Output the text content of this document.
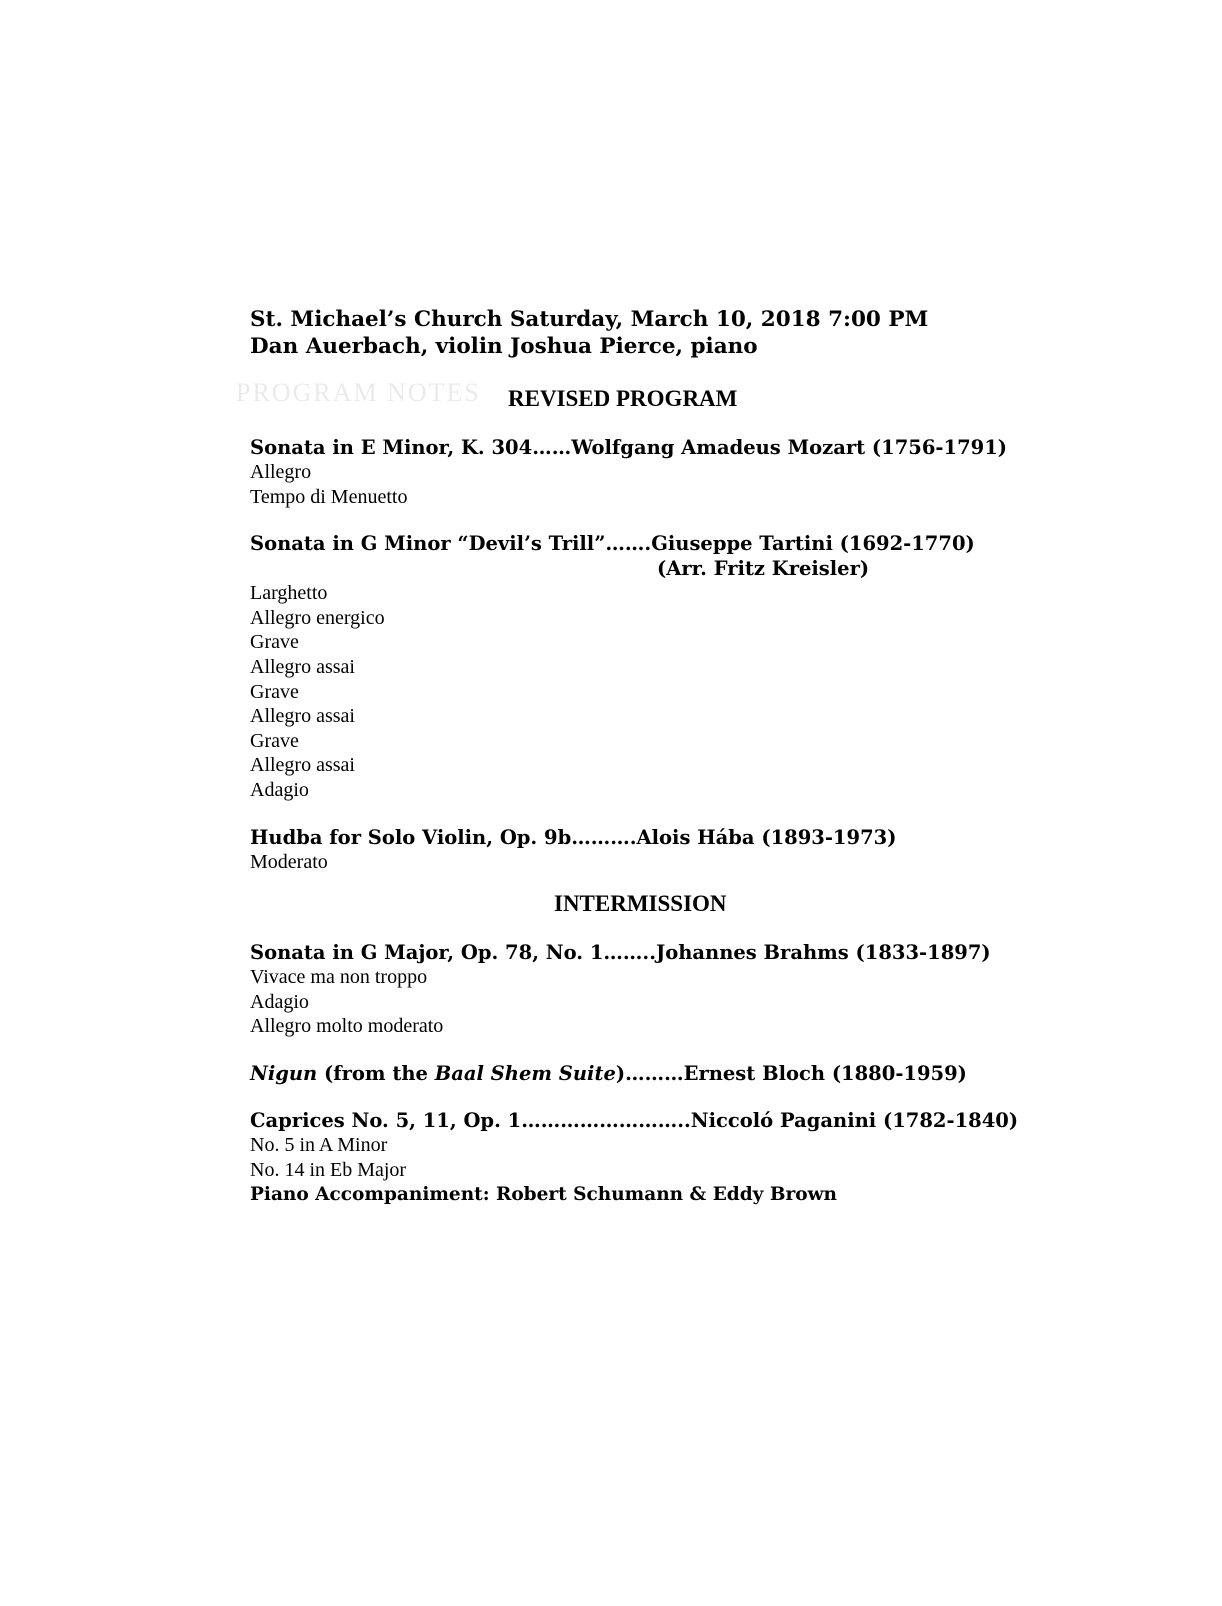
PROGRAM NOTES
St. Michael’s Church Saturday, March 10, 2018 7:00 PM
Dan Auerbach, violin Joshua Pierce, piano
REVISED PROGRAM
Sonata in E Minor, K. 304……Wolfgang Amadeus Mozart (1756-1791)
Allegro
Tempo di Menuetto
Sonata in G Minor “Devil’s Trill”…….Giuseppe Tartini (1692-1770)
(Arr. Fritz Kreisler)
Larghetto
Allegro energico
Grave
Allegro assai
Grave
Allegro assai
Grave
Allegro assai
Adagio
Hudba for Solo Violin, Op. 9b……….Alois Hába (1893-1973)
Moderato
INTERMISSION
Sonata in G Major, Op. 78, No. 1……..Johannes Brahms (1833-1897)
Vivace ma non troppo
Adagio
Allegro molto moderato
Nigun (from the Baal Shem Suite)………Ernest Bloch (1880-1959)
Caprices No. 5, 11, Op. 1……………………..Niccoló Paganini (1782-1840)
No. 5 in A Minor
No. 14 in Eb Major
Piano Accompaniment: Robert Schumann & Eddy Brown
